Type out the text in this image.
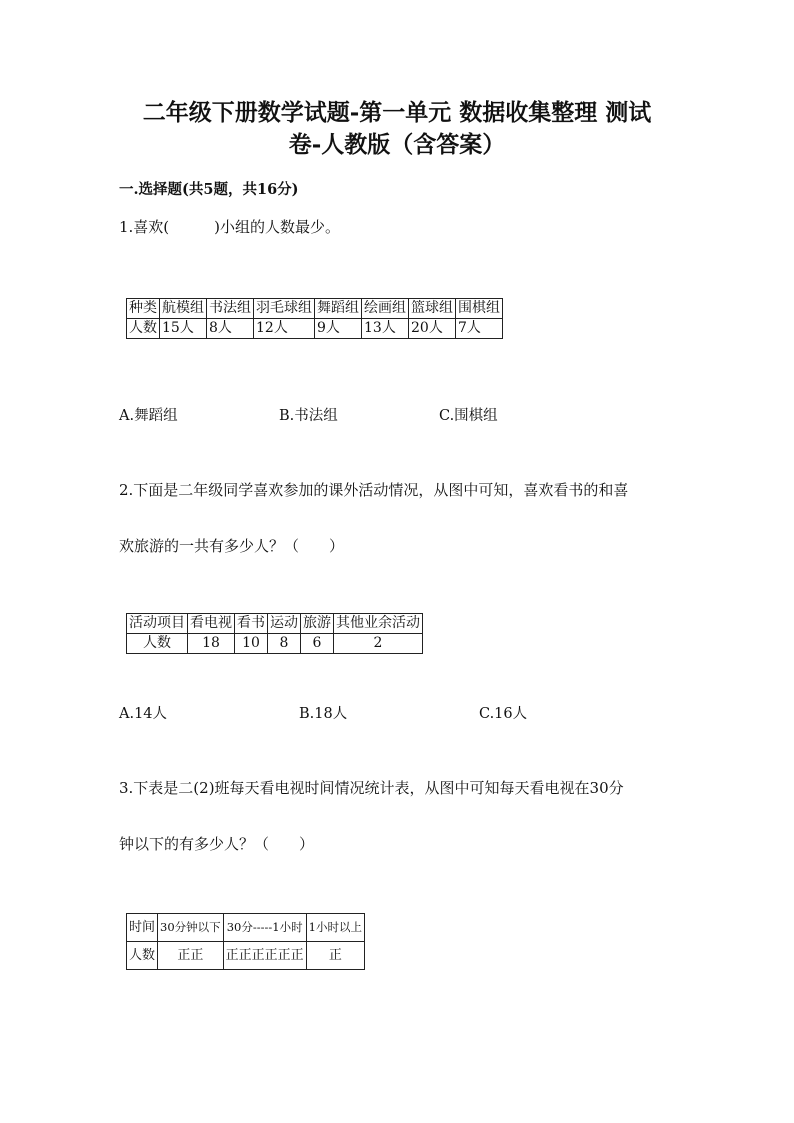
二年级下册数学试题-第一单元 数据收集整理 测试
卷-人教版（含答案）
一.选择题(共5题，共16分)
1.喜欢(　　　)小组的人数最少。
种类	航模组	书法组	羽毛球组	舞蹈组	绘画组	篮球组	围棋组
人数	15人	8人	12人	9人	13人	20人	7人
A.舞蹈组	B.书法组	C.围棋组
2.下面是二年级同学喜欢参加的课外活动情况，从图中可知，喜欢看书的和喜
欢旅游的一共有多少人？（　　）
活动项目	看电视	看书	运动	旅游	其他业余活动
人数	18	10	8	6	2
A.14人	B.18人	C.16人
3.下表是二(2)班每天看电视时间情况统计表，从图中可知每天看电视在30分
钟以下的有多少人？（　　）
时间	30分钟以下	30分-----1小时	1小时以上
人数	正正	正正正正正正	正
